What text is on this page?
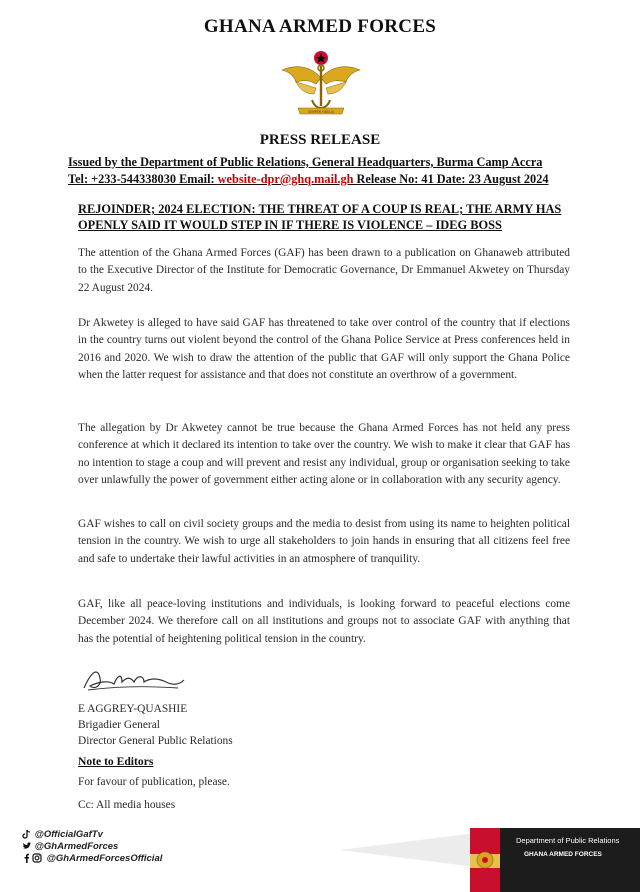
GHANA ARMED FORCES
SEMPER FIDELIS
PRESS RELEASE
Issued by the Department of Public Relations, General Headquarters, Burma Camp Accra
Tel: +233-544338030 Email: website-dpr@ghq.mail.gh Release No: 41 Date: 23 August 2024
REJOINDER; 2024 ELECTION: THE THREAT OF A COUP IS REAL; THE ARMY HAS OPENLY SAID IT WOULD STEP IN IF THERE IS VIOLENCE – IDEG BOSS

The attention of the Ghana Armed Forces (GAF) has been drawn to a publication on Ghanaweb attributed to the Executive Director of the Institute for Democratic Governance, Dr Emmanuel Akwetey on Thursday 22 August 2024.

Dr Akwetey is alleged to have said GAF has threatened to take over control of the country that if elections in the country turns out violent beyond the control of the Ghana Police Service at Press conferences held in 2016 and 2020. We wish to draw the attention of the public that GAF will only support the Ghana Police when the latter request for assistance and that does not constitute an overthrow of a government.

The allegation by Dr Akwetey cannot be true because the Ghana Armed Forces has not held any press conference at which it declared its intention to take over the country. We wish to make it clear that GAF has no intention to stage a coup and will prevent and resist any individual, group or organisation seeking to take over unlawfully the power of government either acting alone or in collaboration with any security agency.

GAF wishes to call on civil society groups and the media to desist from using its name to heighten political tension in the country. We wish to urge all stakeholders to join hands in ensuring that all citizens feel free and safe to undertake their lawful activities in an atmosphere of tranquility.

GAF, like all peace-loving institutions and individuals, is looking forward to peaceful elections come December 2024. We therefore call on all institutions and groups not to associate GAF with anything that has the potential of heightening political tension in the country.

E AGGREY-QUASHIE
Brigadier General
Director General Public Relations
Note to Editors
For favour of publication, please.
Cc: All media houses
@OfficialGafTv
@GhArmedForces
@GhArmedForcesOfficial
Department of Public Relations
GHANA ARMED FORCES
